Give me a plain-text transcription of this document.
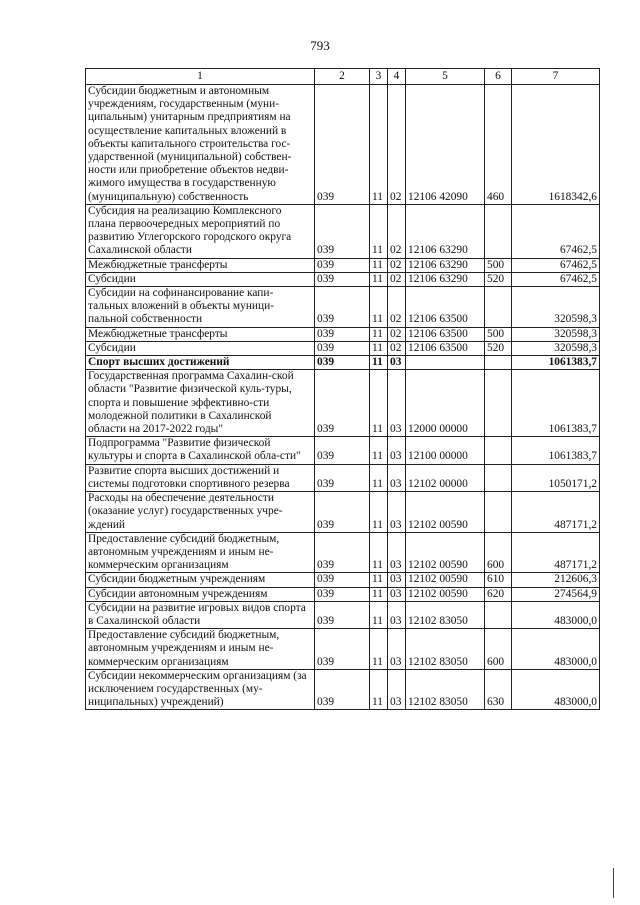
793
1	2	3	4	5	6	7
Субсидии бюджетным и автономным учреждениям, государственным (муни-ципальным) унитарным предприятиям на осуществление капитальных вложений в объекты капитального строительства гос-ударственной (муниципальной) собствен-ности или приобретение объектов недви-жимого имущества в государственную (муниципальную) собственность	039	11	02	12106 42090	460	1618342,6
Субсидия на реализацию Комплексного плана первоочередных мероприятий по развитию Углегорского городского округа Сахалинской области	039	11	02	12106 63290		67462,5
Межбюджетные трансферты	039	11	02	12106 63290	500	67462,5
Субсидии	039	11	02	12106 63290	520	67462,5
Субсидии на софинансирование капи-тальных вложений в объекты муници-пальной собственности	039	11	02	12106 63500		320598,3
Межбюджетные трансферты	039	11	02	12106 63500	500	320598,3
Субсидии	039	11	02	12106 63500	520	320598,3
Спорт высших достижений	039	11	03			1061383,7
Государственная программа Сахалин-ской области "Развитие физической куль-туры, спорта и повышение эффективно-сти молодежной политики в Сахалинской области на 2017-2022 годы"	039	11	03	12000 00000		1061383,7
Подпрограмма "Развитие физической культуры и спорта в Сахалинской обла-сти"	039	11	03	12100 00000		1061383,7
Развитие спорта высших достижений и системы подготовки спортивного резерва	039	11	03	12102 00000		1050171,2
Расходы на обеспечение деятельности (оказание услуг) государственных учре-ждений	039	11	03	12102 00590		487171,2
Предоставление субсидий бюджетным, автономным учреждениям и иным не-коммерческим организациям	039	11	03	12102 00590	600	487171,2
Субсидии бюджетным учреждениям	039	11	03	12102 00590	610	212606,3
Субсидии автономным учреждениям	039	11	03	12102 00590	620	274564,9
Субсидии на развитие игровых видов спорта в Сахалинской области	039	11	03	12102 83050		483000,0
Предоставление субсидий бюджетным, автономным учреждениям и иным не-коммерческим организациям	039	11	03	12102 83050	600	483000,0
Субсидии некоммерческим организациям (за исключением государственных (му-ниципальных) учреждений)	039	11	03	12102 83050	630	483000,0
